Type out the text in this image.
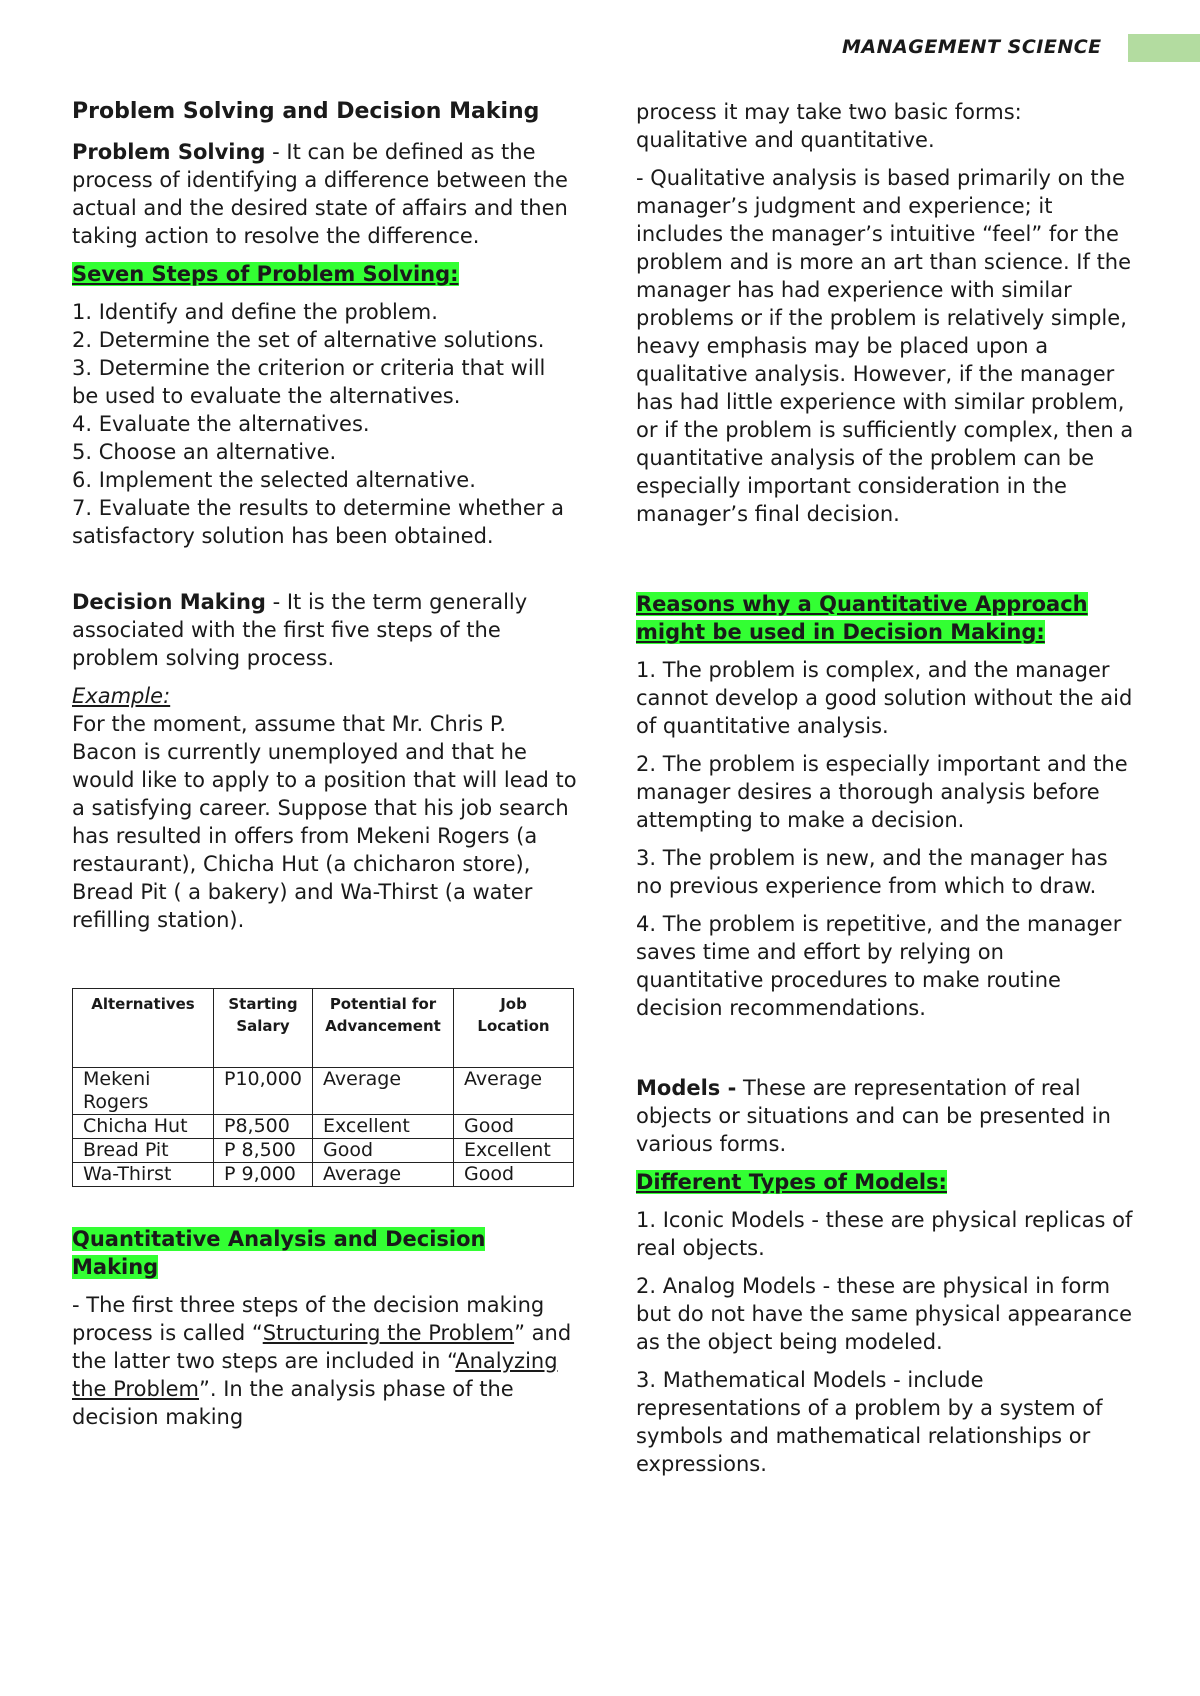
MANAGEMENT SCIENCE

Problem Solving and Decision Making

Problem Solving - It can be defined as the process of identifying a difference between the actual and the desired state of affairs and then taking action to resolve the difference.

Seven Steps of Problem Solving:

1. Identify and define the problem.

2. Determine the set of alternative solutions.

3. Determine the criterion or criteria that will be used to evaluate the alternatives.

4. Evaluate the alternatives.

5. Choose an alternative.

6. Implement the selected alternative.

7. Evaluate the results to determine whether a satisfactory solution has been obtained.

Decision Making - It is the term generally associated with the first five steps of the problem solving process.

Example:

For the moment, assume that Mr. Chris P. Bacon is currently unemployed and that he would like to apply to a position that will lead to a satisfying career. Suppose that his job search has resulted in offers from Mekeni Rogers (a restaurant), Chicha Hut (a chicharon store), Bread Pit ( a bakery) and Wa-Thirst (a water refilling station).

Alternatives	Starting Salary	Potential for Advancement	Job Location
Mekeni Rogers	P10,000	Average	Average
Chicha Hut	P8,500	Excellent	Good
Bread Pit	P 8,500	Good	Excellent
Wa-Thirst	P 9,000	Average	Good

Quantitative Analysis and Decision Making

- The first three steps of the decision making process is called “Structuring the Problem” and the latter two steps are included in “Analyzing the Problem”. In the analysis phase of the decision making

process it may take two basic forms: qualitative and quantitative.

- Qualitative analysis is based primarily on the manager’s judgment and experience; it includes the manager’s intuitive “feel” for the problem and is more an art than science. If the manager has had experience with similar problems or if the problem is relatively simple, heavy emphasis may be placed upon a qualitative analysis. However, if the manager has had little experience with similar problem, or if the problem is sufficiently complex, then a quantitative analysis of the problem can be especially important consideration in the manager’s final decision.

Reasons why a Quantitative Approach might be used in Decision Making:

1. The problem is complex, and the manager cannot develop a good solution without the aid of quantitative analysis.

2. The problem is especially important and the manager desires a thorough analysis before attempting to make a decision.

3. The problem is new, and the manager has no previous experience from which to draw.

4. The problem is repetitive, and the manager saves time and effort by relying on quantitative procedures to make routine decision recommendations.

Models - These are representation of real objects or situations and can be presented in various forms.

Different Types of Models:

1. Iconic Models - these are physical replicas of real objects.

2. Analog Models - these are physical in form but do not have the same physical appearance as the object being modeled.

3. Mathematical Models - include representations of a problem by a system of symbols and mathematical relationships or expressions.
